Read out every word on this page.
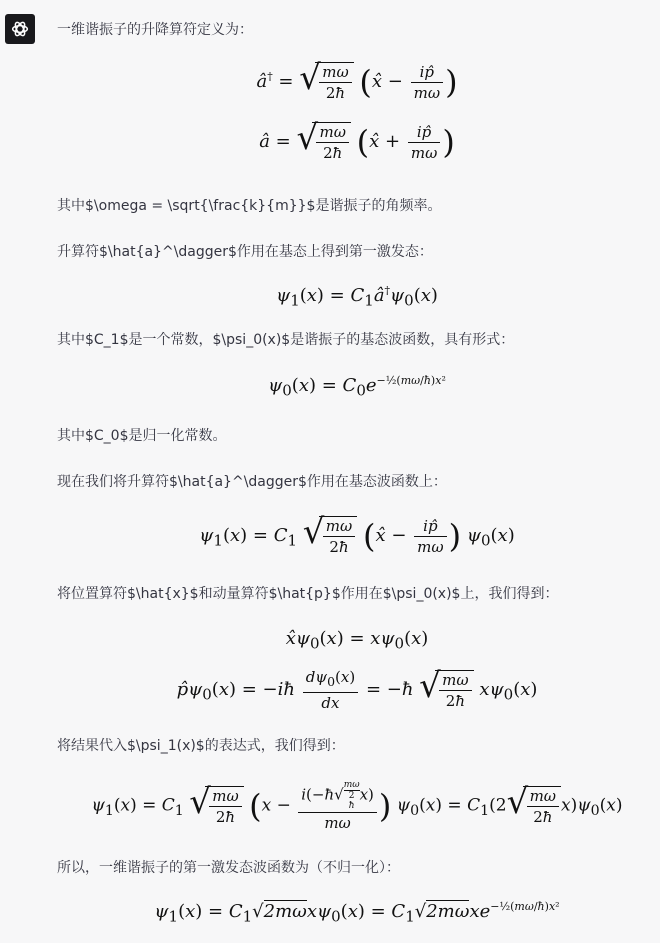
一维谐振子的升降算符定义为：
â† = √
$\frac{m\omega}{2ħ}$ (x̂ − $\frac{ip̂}{m\omega}$ )
â = √
$\frac{m\omega}{2ħ}$ (x̂ + $\frac{ip̂}{m\omega}$ )
其中$\omega = \sqrt{\frac{k}{m}}$是谐振子的角频率。
升算符$\hat{a}^\dagger$作用在基态上得到第一激发态：
$\psi_1(x)$ = $C_1â^\dagger\psi_0(x)$
其中$C_1$是一个常数，$\psi_0(x)$是谐振子的基态波函数，具有形式：
$\psi_0(x) = C_0e^{-\frac{1}{2}(m\omega/ħ)x^2}$
其中$C_0$是归一化常数。
现在我们将升算符$\hat{a}^\dagger$作用在基态波函数上：
$\psi_1(x) = C_1$ √
$\frac{m\omega}{2ħ}$ (x̂ − $\frac{ip̂}{m\omega}$ ) $\psi_0(x)$
将位置算符$\hat{x}$和动量算符$\hat{p}$作用在$\psi_0(x)$上，我们得到：
$x̂\psi_0(x) = x\psi_0(x)$
$p̂\psi_0(x)$ = −iħ $\frac{d\psi_0(x)}{dx}$ = −ħ √
$\frac{m\omega}{2ħ} x\psi_0(x)$
将结果代入$\psi_1(x)$的表达式，我们得到：
$\psi_1(x) = C_1$ √
$\frac{m\omega}{2ħ} (x$ − i(−ħ√ mω
2
ħ x)
mω ) $\psi_0(x) = C_1(2$ √
$\frac{m\omega}{2ħ} x)\psi_0(x)$
所以，一维谐振子的第一激发态波函数为（不归一化）：
$\psi_1(x) = C_1√2m\omega x\psi_0(x) = C_1√2m\omega xe^{-\frac{1}{2}(m\omega/ħ)x^2}$
